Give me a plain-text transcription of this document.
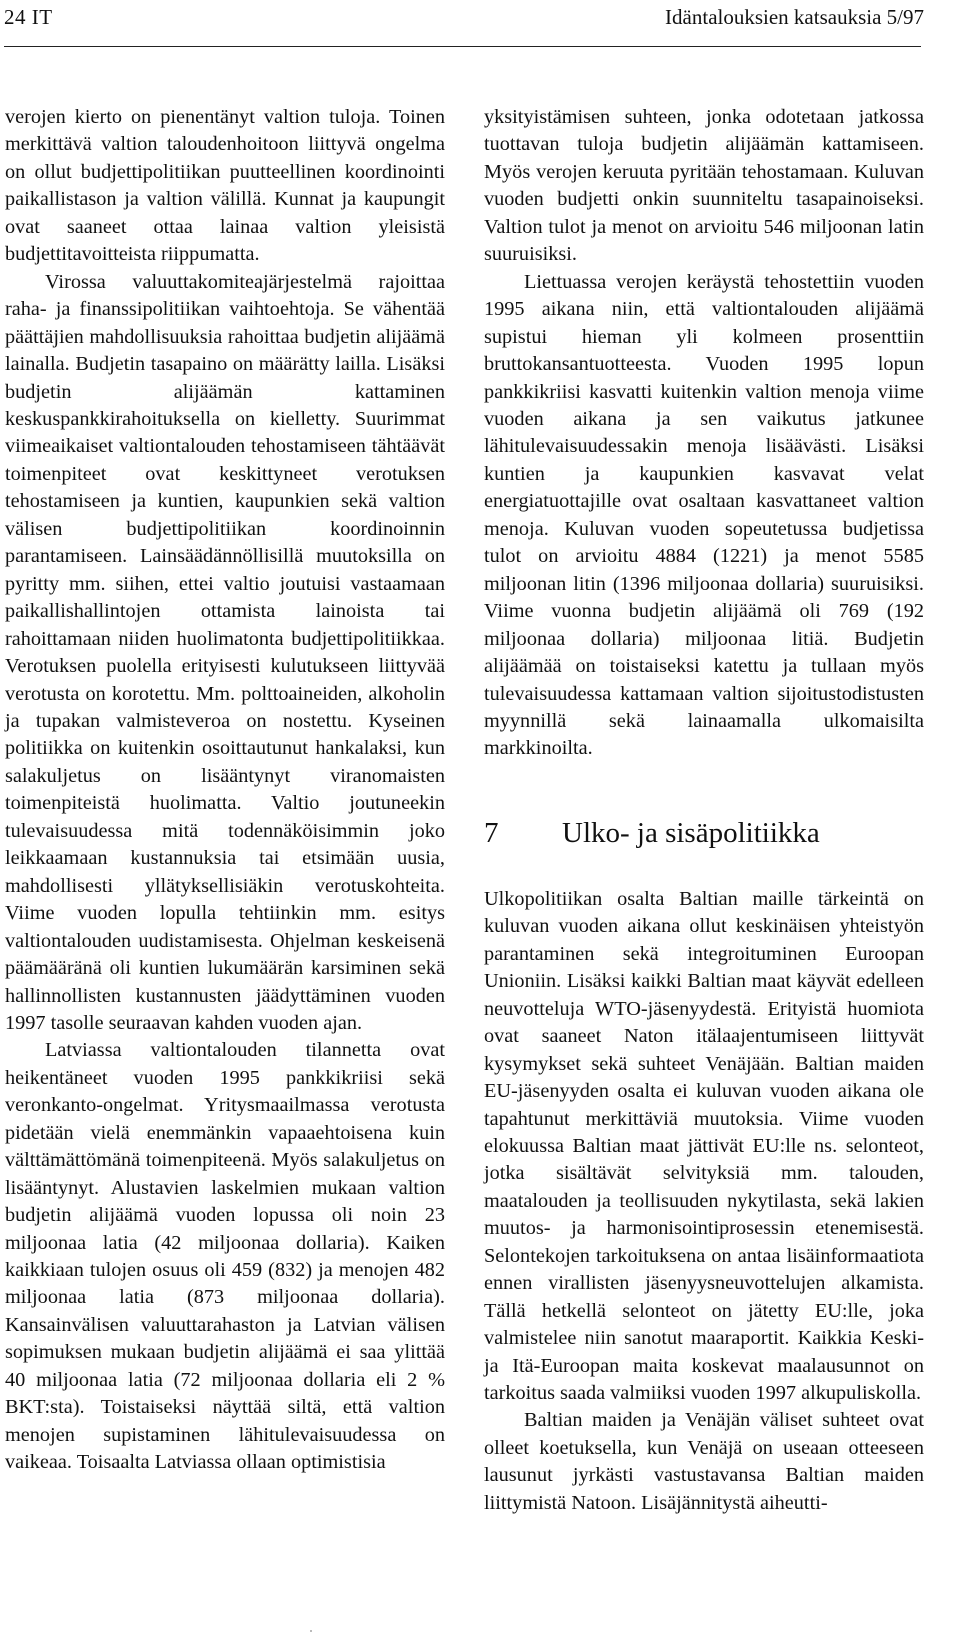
24 IT	Idäntalouksien katsauksia 5/97

verojen kierto on pienentänyt valtion tuloja. Toinen merkittävä valtion taloudenhoitoon liittyvä ongelma on ollut budjettipolitiikan puutteellinen koordinointi paikallistason ja valtion välillä. Kunnat ja kaupungit ovat saaneet ottaa lainaa valtion yleisistä budjettitavoitteista riippumatta.

Virossa valuuttakomiteajärjestelmä rajoittaa raha- ja finanssipolitiikan vaihtoehtoja. Se vähentää päättäjien mahdollisuuksia rahoittaa budjetin alijäämä lainalla. Budjetin tasapaino on määrätty lailla. Lisäksi budjetin alijäämän kattaminen keskuspankkirahoituksella on kielletty. Suurimmat viimeaikaiset valtiontalouden tehostamiseen tähtäävät toimenpiteet ovat keskittyneet verotuksen tehostamiseen ja kuntien, kaupunkien sekä valtion välisen budjettipolitiikan koordinoinnin parantamiseen. Lainsäädännöllisillä muutoksilla on pyritty mm. siihen, ettei valtio joutuisi vastaamaan paikallishallintojen ottamista lainoista tai rahoittamaan niiden huolimatonta budjettipolitiikkaa. Verotuksen puolella erityisesti kulutukseen liittyvää verotusta on korotettu. Mm. polttoaineiden, alkoholin ja tupakan valmisteveroa on nostettu. Kyseinen politiikka on kuitenkin osoittautunut hankalaksi, kun salakuljetus on lisääntynyt viranomaisten toimenpiteistä huolimatta. Valtio joutuneekin tulevaisuudessa mitä todennäköisimmin joko leikkaamaan kustannuksia tai etsimään uusia, mahdollisesti yllätyksellisiäkin verotuskohteita. Viime vuoden lopulla tehtiinkin mm. esitys valtiontalouden uudistamisesta. Ohjelman keskeisenä päämääränä oli kuntien lukumäärän karsiminen sekä hallinnollisten kustannusten jäädyttäminen vuoden 1997 tasolle seuraavan kahden vuoden ajan.

Latviassa valtiontalouden tilannetta ovat heikentäneet vuoden 1995 pankkikriisi sekä veronkanto-ongelmat. Yritysmaailmassa verotusta pidetään vielä enemmänkin vapaaehtoisena kuin välttämättömänä toimenpiteenä. Myös salakuljetus on lisääntynyt. Alustavien laskelmien mukaan valtion budjetin alijäämä vuoden lopussa oli noin 23 miljoonaa latia (42 miljoonaa dollaria). Kaiken kaikkiaan tulojen osuus oli 459 (832) ja menojen 482 miljoonaa latia (873 miljoonaa dollaria). Kansainvälisen valuuttarahaston ja Latvian välisen sopimuksen mukaan budjetin alijäämä ei saa ylittää 40 miljoonaa latia (72 miljoonaa dollaria eli 2 % BKT:sta). Toistaiseksi näyttää siltä, että valtion menojen supistaminen lähitulevaisuudessa on vaikeaa. Toisaalta Latviassa ollaan optimistisia

yksityistämisen suhteen, jonka odotetaan jatkossa tuottavan tuloja budjetin alijäämän kattamiseen. Myös verojen keruuta pyritään tehostamaan. Kuluvan vuoden budjetti onkin suunniteltu tasapainoiseksi. Valtion tulot ja menot on arvioitu 546 miljoonan latin suuruisiksi.

Liettuassa verojen keräystä tehostettiin vuoden 1995 aikana niin, että valtiontalouden alijäämä supistui hieman yli kolmeen prosenttiin bruttokansantuotteesta. Vuoden 1995 lopun pankkikriisi kasvatti kuitenkin valtion menoja viime vuoden aikana ja sen vaikutus jatkunee lähitulevaisuudessakin menoja lisäävästi. Lisäksi kuntien ja kaupunkien kasvavat velat energiatuottajille ovat osaltaan kasvattaneet valtion menoja. Kuluvan vuoden sopeutetussa budjetissa tulot on arvioitu 4884 (1221) ja menot 5585 miljoonan litin (1396 miljoonaa dollaria) suuruisiksi. Viime vuonna budjetin alijäämä oli 769 (192 miljoonaa dollaria) miljoonaa litiä. Budjetin alijäämää on toistaiseksi katettu ja tullaan myös tulevaisuudessa kattamaan valtion sijoitustodistusten myynnillä sekä lainaamalla ulkomaisilta markkinoilta.

7 Ulko- ja sisäpolitiikka

Ulkopolitiikan osalta Baltian maille tärkeintä on kuluvan vuoden aikana ollut keskinäisen yhteistyön parantaminen sekä integroituminen Euroopan Unioniin. Lisäksi kaikki Baltian maat käyvät edelleen neuvotteluja WTO-jäsenyydestä. Erityistä huomiota ovat saaneet Naton itälaajentumiseen liittyvät kysymykset sekä suhteet Venäjään. Baltian maiden EU-jäsenyyden osalta ei kuluvan vuoden aikana ole tapahtunut merkittäviä muutoksia. Viime vuoden elokuussa Baltian maat jättivät EU:lle ns. selonteot, jotka sisältävät selvityksiä mm. talouden, maatalouden ja teollisuuden nykytilasta, sekä lakien muutos- ja harmonisointiprosessin etenemisestä. Selontekojen tarkoituksena on antaa lisäinformaatiota ennen virallisten jäsenyysneuvottelujen alkamista. Tällä hetkellä selonteot on jätetty EU:lle, joka valmistelee niin sanotut maaraportit. Kaikkia Keski- ja Itä-Euroopan maita koskevat maalausunnot on tarkoitus saada valmiiksi vuoden 1997 alkupuliskolla.

Baltian maiden ja Venäjän väliset suhteet ovat olleet koetuksella, kun Venäjä on useaan otteeseen lausunut jyrkästi vastustavansa Baltian maiden liittymistä Natoon. Lisäjännitystä aiheutti-
